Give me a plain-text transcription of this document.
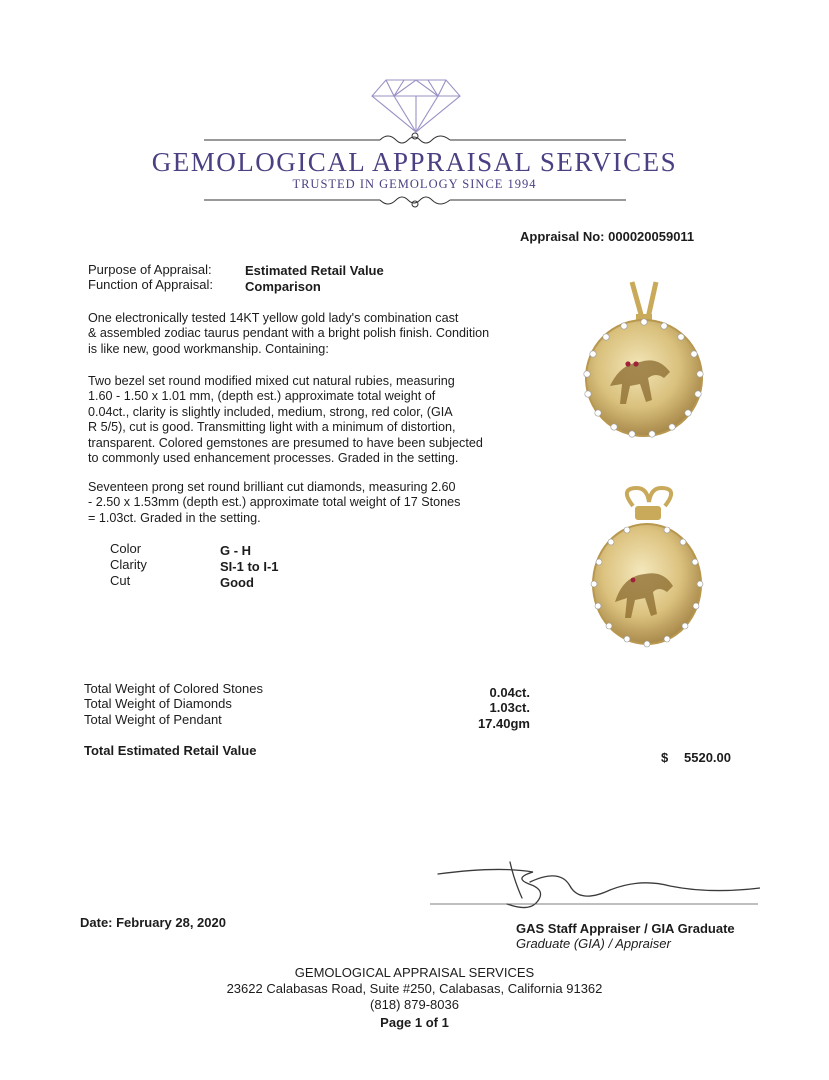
GEMOLOGICAL APPRAISAL SERVICES
TRUSTED IN GEMOLOGY SINCE 1994
Appraisal No: 000020059011
Purpose of Appraisal:	Estimated Retail Value
Function of Appraisal: Comparison
One electronically tested 14KT yellow gold lady's combination cast
& assembled zodiac taurus pendant with a bright polish finish. Condition
is like new, good workmanship. Containing:
Two bezel set round modified mixed cut natural rubies, measuring
1.60 - 1.50 x 1.01 mm, (depth est.) approximate total weight of
0.04ct., clarity is slightly included, medium, strong, red color, (GIA
R 5/5), cut is good. Transmitting light with a minimum of distortion,
transparent. Colored gemstones are presumed to have been subjected
to commonly used enhancement processes. Graded in the setting.
Seventeen prong set round brilliant cut diamonds, measuring 2.60
- 2.50 x 1.53mm (depth est.) approximate total weight of 17 Stones
= 1.03ct. Graded in the setting.
Color	G - H
Clarity	SI-1 to I-1
Cut	Good
Total Weight of Colored Stones	0.04ct.
Total Weight of Diamonds	1.03ct.
Total Weight of Pendant	17.40gm
Total Estimated Retail Value	$ 5520.00
Date: February 28, 2020	GAS Staff Appraiser / GIA Graduate
Graduate (GIA) / Appraiser
GEMOLOGICAL APPRAISAL SERVICES
23622 Calabasas Road, Suite #250, Calabasas, California 91362
(818) 879-8036
Page 1 of 1
